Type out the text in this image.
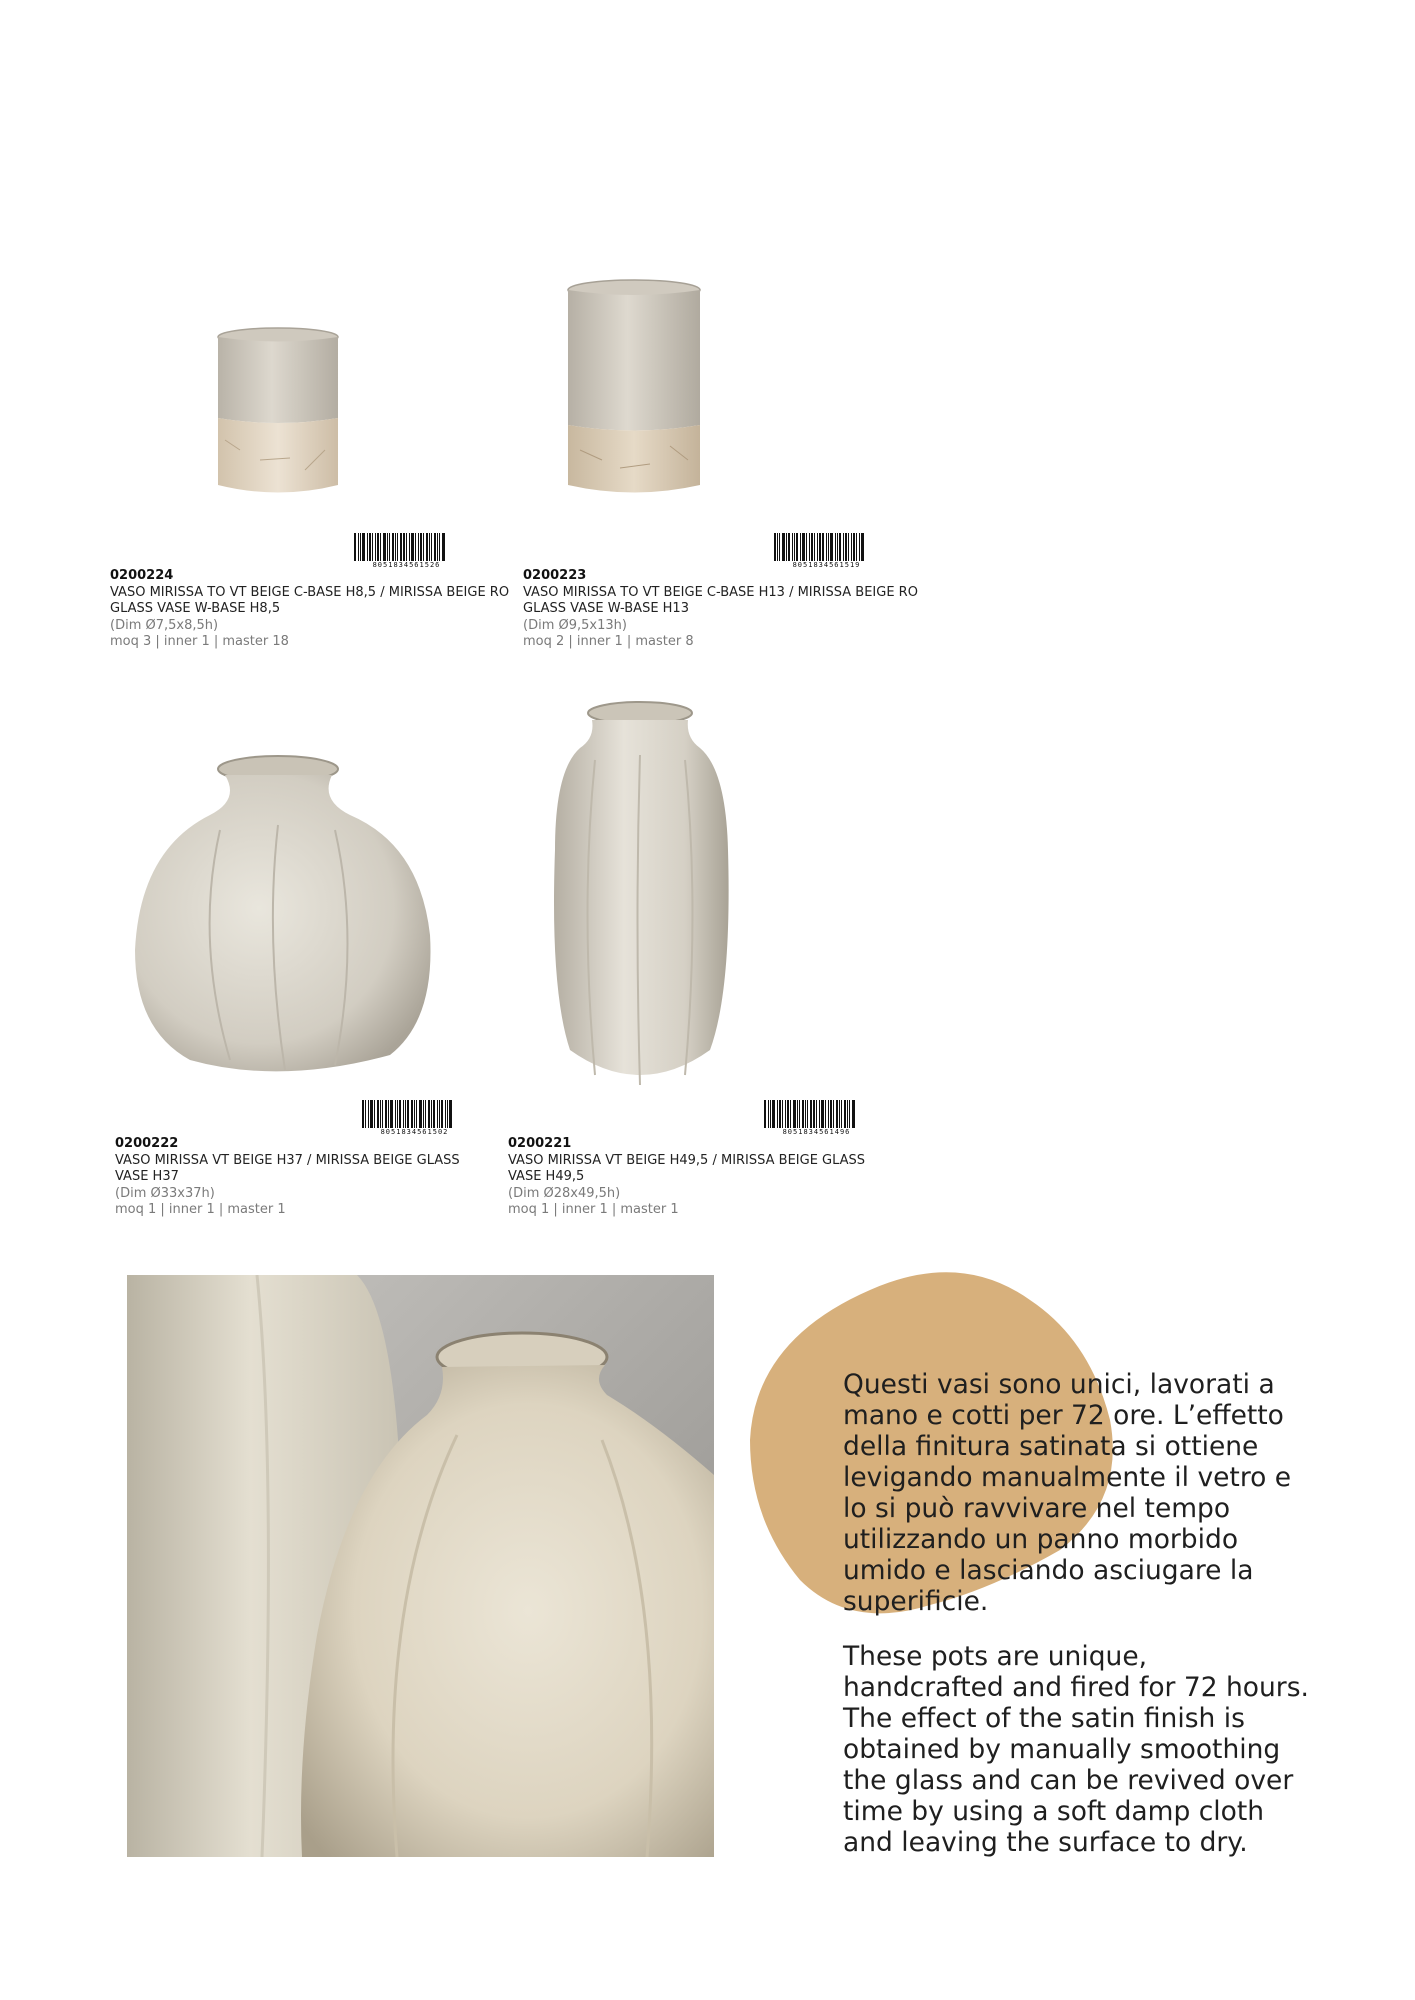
8051834561526
0200224
VASO MIRISSA TO VT BEIGE C-BASE H8,5 / MIRISSA BEIGE RO GLASS VASE W-BASE H8,5
(Dim Ø7,5x8,5h)
moq 3 | inner 1 | master 18
8051834561519
0200223
VASO MIRISSA TO VT BEIGE C-BASE H13 / MIRISSA BEIGE RO GLASS VASE W-BASE H13
(Dim Ø9,5x13h)
moq 2 | inner 1 | master 8
8051834561502
0200222
VASO MIRISSA VT BEIGE H37 / MIRISSA BEIGE GLASS VASE H37
(Dim Ø33x37h)
moq 1 | inner 1 | master 1
8051834561496
0200221
VASO MIRISSA VT BEIGE H49,5 / MIRISSA BEIGE GLASS VASE H49,5
(Dim Ø28x49,5h)
moq 1 | inner 1 | master 1
Questi vasi sono unici, lavorati a mano e cotti per 72 ore. L’effetto della finitura satinata si ottiene levigando manualmente il vetro e lo si può ravvivare nel tempo utilizzando un panno morbido umido e lasciando asciugare la superificie.
These pots are unique, handcrafted and fired for 72 hours. The effect of the satin finish is obtained by manually smoothing the glass and can be revived over time by using a soft damp cloth and leaving the surface to dry.
